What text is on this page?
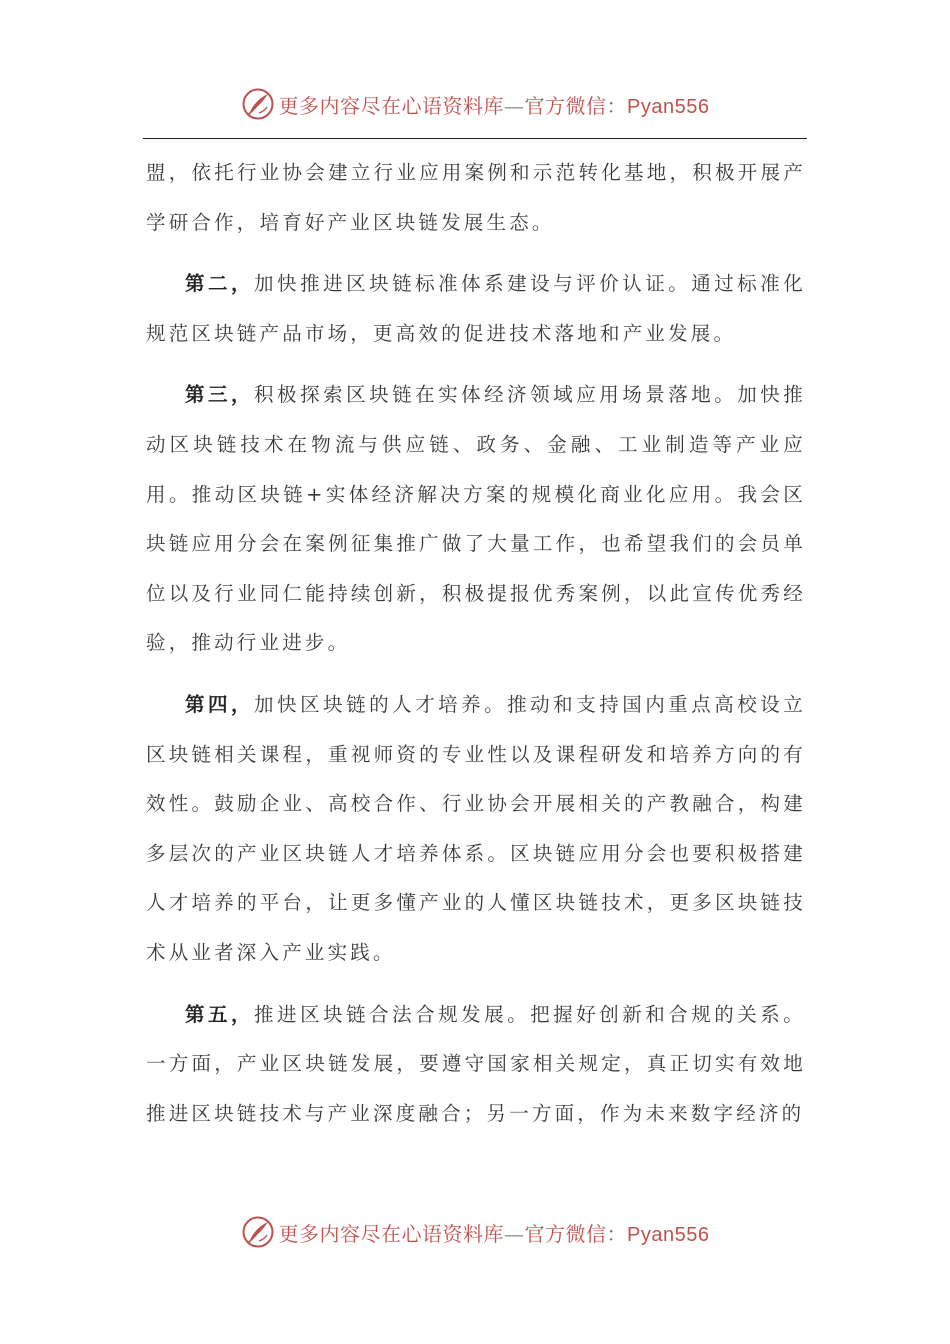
更多内容尽在心语资料库—官方微信：Pyan556

盟，依托行业协会建立行业应用案例和示范转化基地，积极开展产学研合作，培育好产业区块链发展生态。

第二，加快推进区块链标准体系建设与评价认证。通过标准化规范区块链产品市场，更高效的促进技术落地和产业发展。

第三，积极探索区块链在实体经济领域应用场景落地。加快推动区块链技术在物流与供应链、政务、金融、工业制造等产业应用。推动区块链+实体经济解决方案的规模化商业化应用。我会区块链应用分会在案例征集推广做了大量工作，也希望我们的会员单位以及行业同仁能持续创新，积极提报优秀案例，以此宣传优秀经验，推动行业进步。

第四，加快区块链的人才培养。推动和支持国内重点高校设立区块链相关课程，重视师资的专业性以及课程研发和培养方向的有效性。鼓励企业、高校合作、行业协会开展相关的产教融合，构建多层次的产业区块链人才培养体系。区块链应用分会也要积极搭建人才培养的平台，让更多懂产业的人懂区块链技术，更多区块链技术从业者深入产业实践。

第五，推进区块链合法合规发展。把握好创新和合规的关系。一方面，产业区块链发展，要遵守国家相关规定，真正切实有效地推进区块链技术与产业深度融合；另一方面，作为未来数字经济的

更多内容尽在心语资料库—官方微信：Pyan556
